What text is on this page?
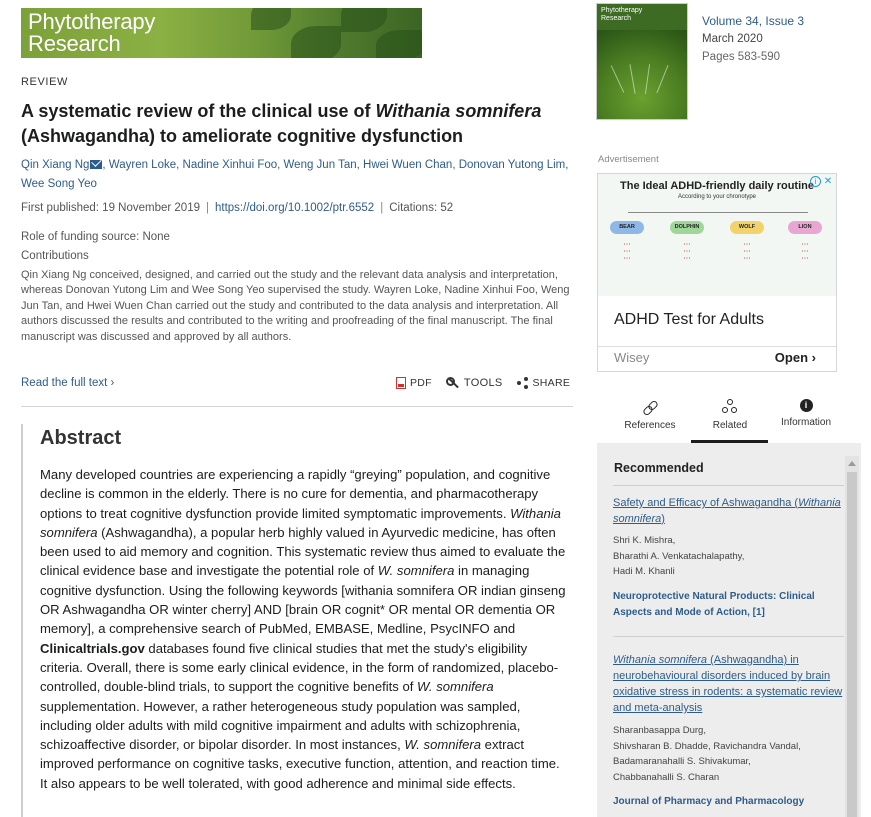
Phytotherapy
Research
REVIEW
A systematic review of the clinical use of Withania somnifera (Ashwagandha) to ameliorate cognitive dysfunction
Qin Xiang Ng , Wayren Loke, Nadine Xinhui Foo, Weng Jun Tan, Hwei Wuen Chan, Donovan Yutong Lim,
Wee Song Yeo
First published: 19 November 2019 | https://doi.org/10.1002/ptr.6552 | Citations: 52
Role of funding source: None
Contributions
Qin Xiang Ng conceived, designed, and carried out the study and the relevant data analysis and interpretation, whereas Donovan Yutong Lim and Wee Song Yeo supervised the study. Wayren Loke, Nadine Xinhui Foo, Weng Jun Tan, and Hwei Wuen Chan carried out the study and contributed to the data analysis and interpretation. All authors discussed the results and contributed to the writing and proofreading of the final manuscript. The final manuscript was discussed and approved by all authors.
Read the full text ›	PDF	TOOLS	SHARE
Abstract

Many developed countries are experiencing a rapidly “greying” population, and cognitive decline is common in the elderly. There is no cure for dementia, and pharmacotherapy options to treat cognitive dysfunction provide limited symptomatic improvements. Withania somnifera (Ashwagandha), a popular herb highly valued in Ayurvedic medicine, has often been used to aid memory and cognition. This systematic review thus aimed to evaluate the clinical evidence base and investigate the potential role of W. somnifera in managing cognitive dysfunction. Using the following keywords [withania somnifera OR indian ginseng OR Ashwagandha OR winter cherry] AND [brain OR cognit* OR mental OR dementia OR memory], a comprehensive search of PubMed, EMBASE, Medline, PsycINFO and Clinicaltrials.gov databases found five clinical studies that met the study's eligibility criteria. Overall, there is some early clinical evidence, in the form of randomized, placebo-controlled, double-blind trials, to support the cognitive benefits of W. somnifera supplementation. However, a rather heterogeneous study population was sampled, including older adults with mild cognitive impairment and adults with schizophrenia, schizoaffective disorder, or bipolar disorder. In most instances, W. somnifera extract improved performance on cognitive tasks, executive function, attention, and reaction time. It also appears to be well tolerated, with good adherence and minimal side effects.

Phytotherapy
Research	Volume 34, Issue 3
March 2020
Pages 583-590
Advertisement
The Ideal ADHD-friendly daily routine
According to your chronotype
i ✕
BEAR	DOLPHIN	WOLF	LION
• • •
• • •
• • •
• • •
• • •
• • •
• • •
• • •
• • •
• • •
• • •
• • •
ADHD Test for Adults
Wisey	Open ›
References	Related
i
Information
Recommended
Safety and Efficacy of Ashwagandha (Withania somnifera)
Shri K. Mishra,
Bharathi A. Venkatachalapathy,
Hadi M. Khanli
Neuroprotective Natural Products: Clinical Aspects and Mode of Action, [1]
Withania somnifera (Ashwagandha) in neurobehavioural disorders induced by brain oxidative stress in rodents: a systematic review and meta-analysis
Sharanbasappa Durg,
Shivsharan B. Dhadde, Ravichandra Vandal,
Badamaranahalli S. Shivakumar,
Chabbanahalli S. Charan
Journal of Pharmacy and Pharmacology
